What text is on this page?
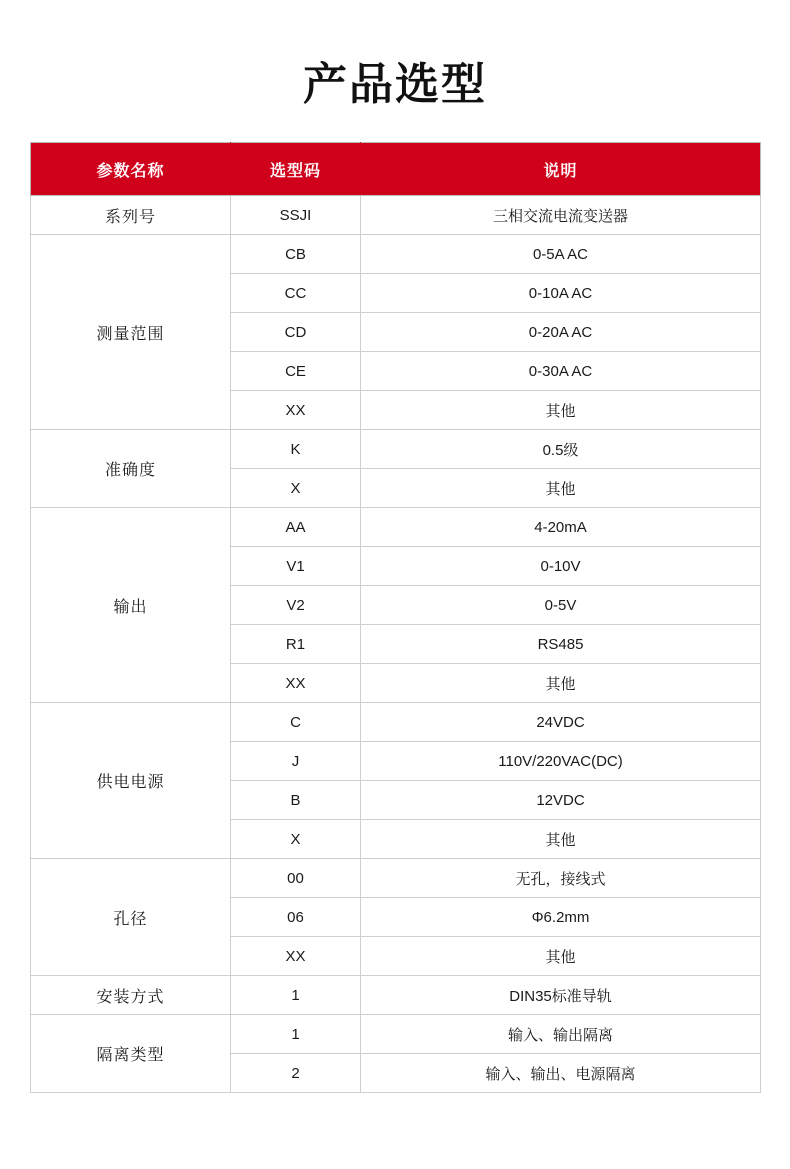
产品选型
参数名称	选型码	说明
系列号	SSJI	三相交流电流变送器
测量范围	CB	0-5A AC
	CC	0-10A AC
	CD	0-20A AC
	CE	0-30A AC
	XX	其他
准确度	K	0.5级
	X	其他
输出	AA	4-20mA
	V1	0-10V
	V2	0-5V
	R1	RS485
	XX	其他
供电电源	C	24VDC
	J	110V/220VAC(DC)
	B	12VDC
	X	其他
孔径	00	无孔，接线式
	06	Φ6.2mm
	XX	其他
安装方式	1	DIN35标准导轨
隔离类型	1	输入、输出隔离
	2	输入、输出、电源隔离
